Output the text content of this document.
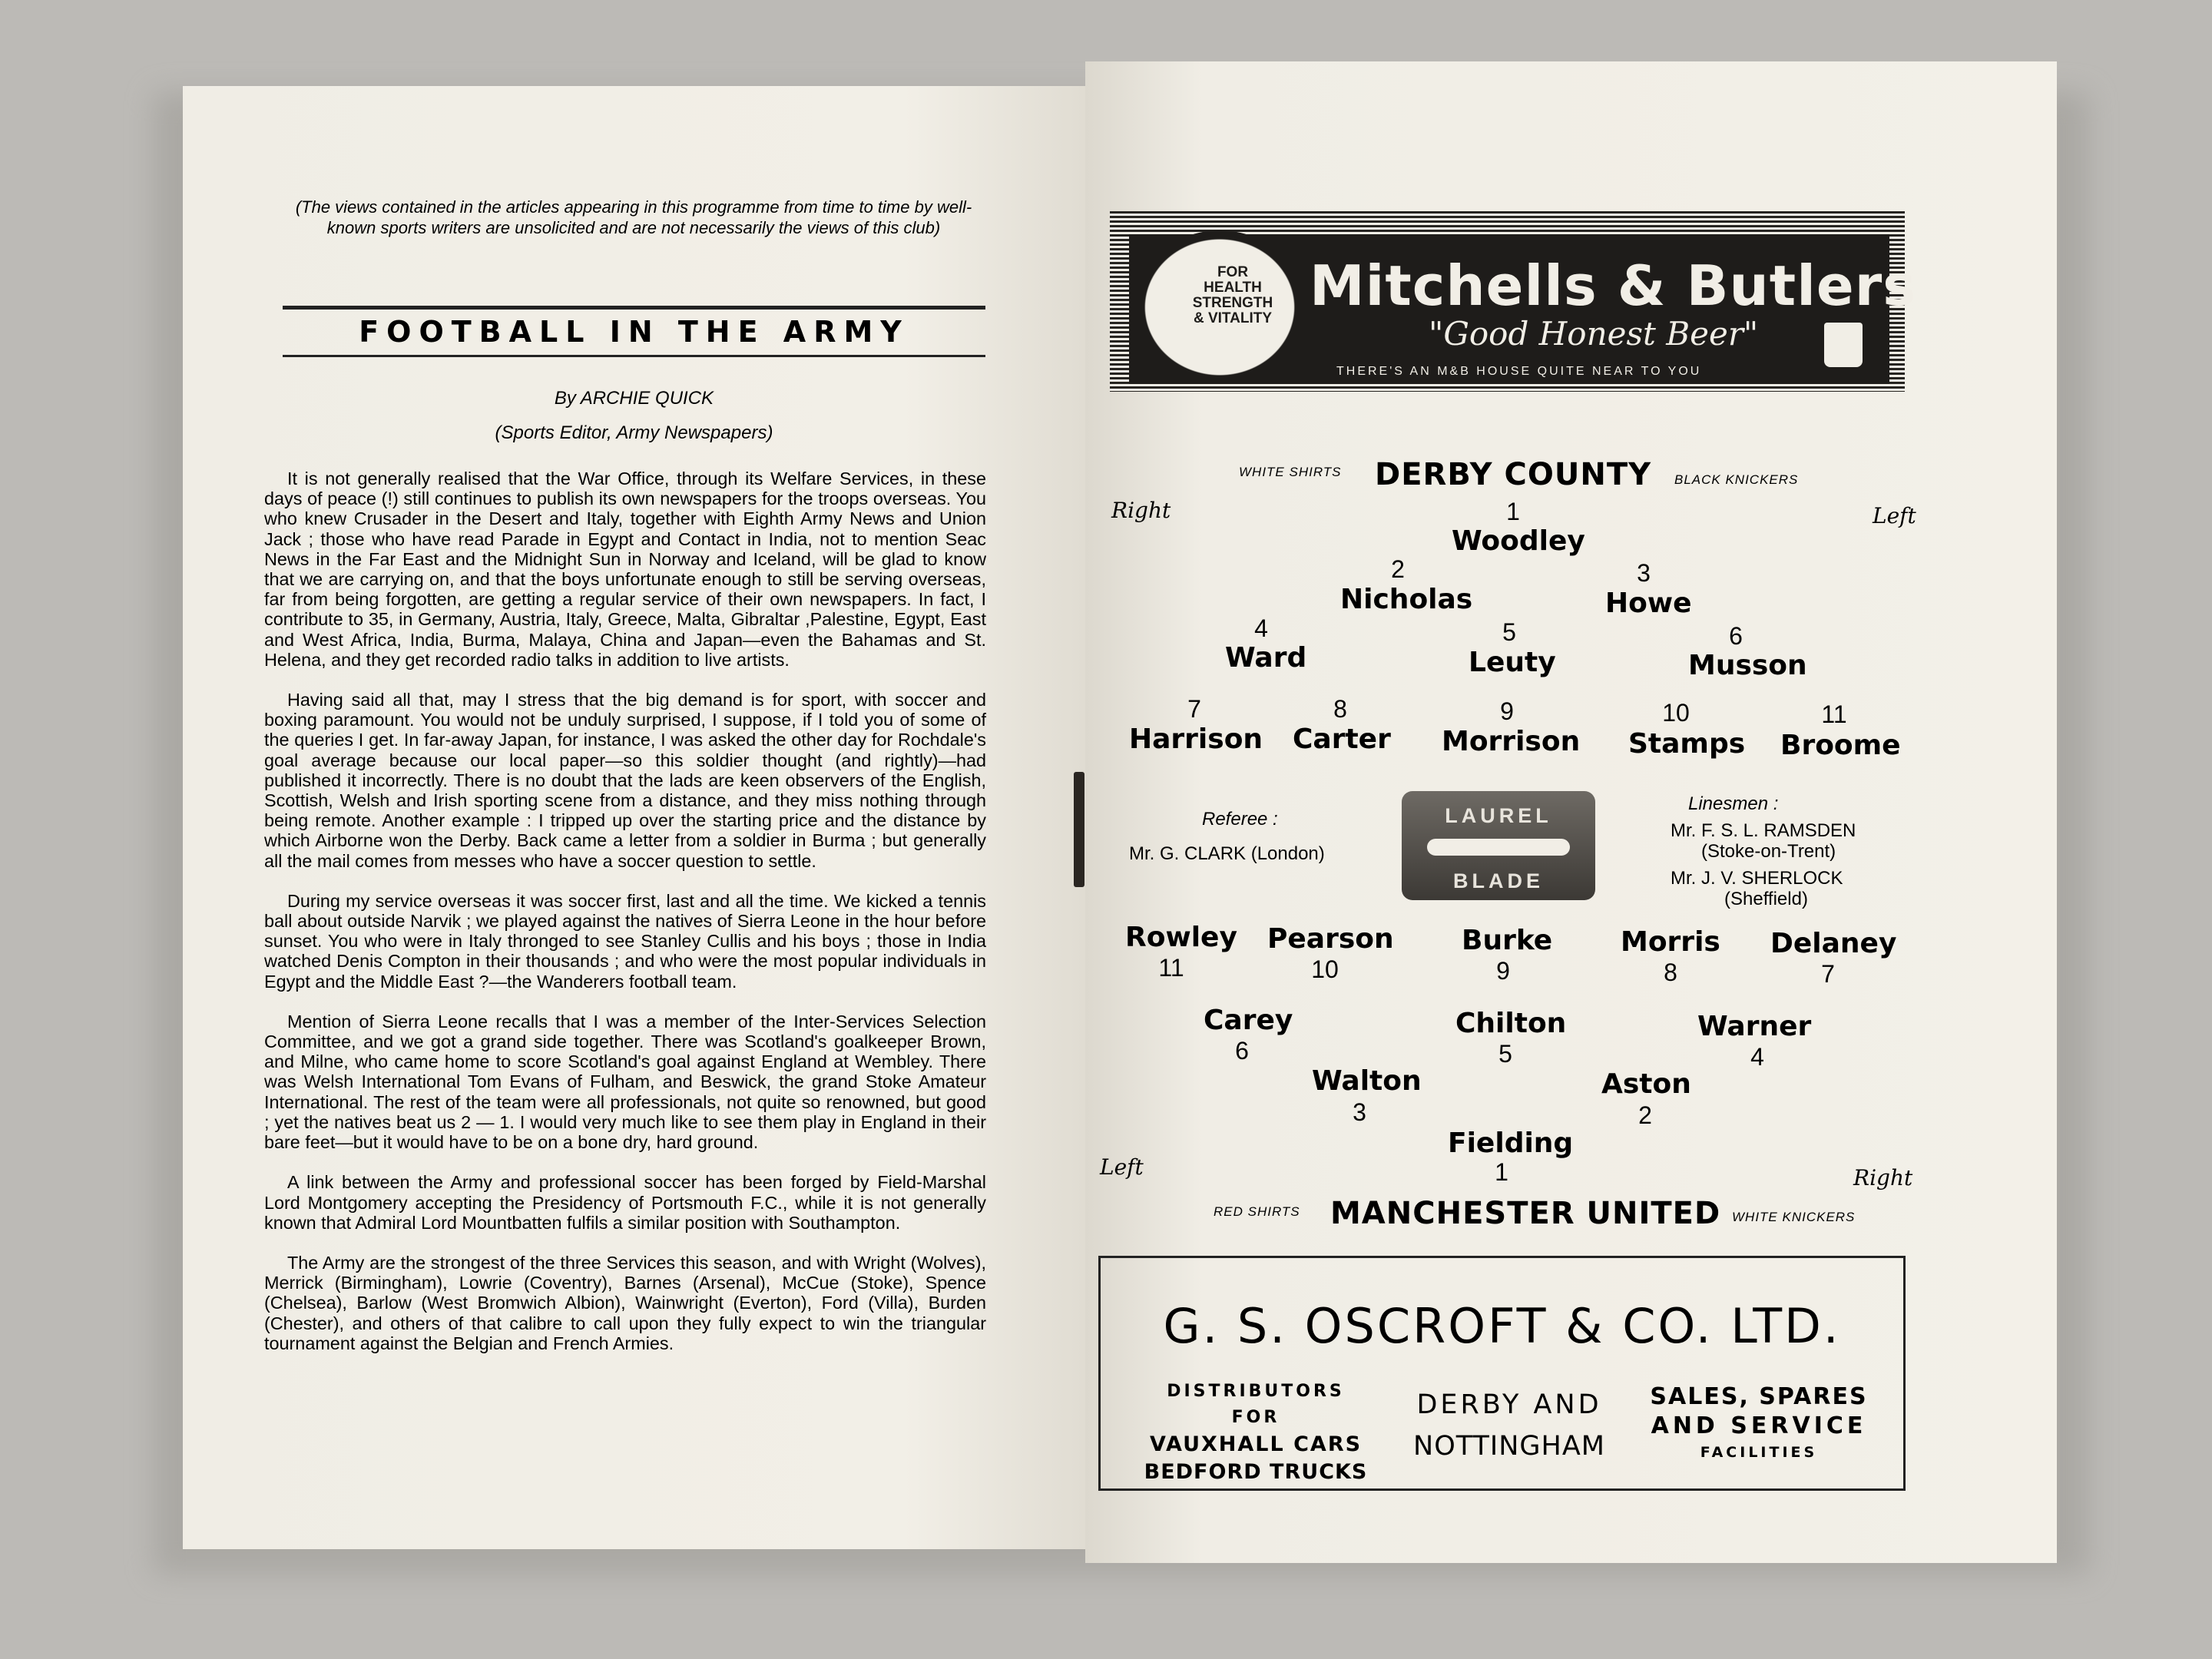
(The views contained in the articles appearing in this programme from time to time by well-known sports writers are unsolicited and are not necessarily the views of this club)
FOOTBALL IN THE ARMY
By ARCHIE QUICK
(Sports Editor, Army Newspapers)

It is not generally realised that the War Office, through its Welfare Services, in these days of peace (!) still continues to publish its own newspapers for the troops overseas. You who knew Crusader in the Desert and Italy, together with Eighth Army News and Union Jack ; those who have read Parade in Egypt and Contact in India, not to mention Seac News in the Far East and the Midnight Sun in Norway and Iceland, will be glad to know that we are carrying on, and that the boys unfortunate enough to still be serving overseas, far from being forgotten, are getting a regular service of their own newspapers. In fact, I contribute to 35, in Germany, Austria, Italy, Greece, Malta, Gibraltar ,Palestine, Egypt, East and West Africa, India, Burma, Malaya, China and Japan—even the Bahamas and St. Helena, and they get recorded radio talks in addition to live artists.

Having said all that, may I stress that the big demand is for sport, with soccer and boxing paramount. You would not be unduly surprised, I suppose, if I told you of some of the queries I get. In far-away Japan, for instance, I was asked the other day for Rochdale's goal average because our local paper—so this soldier thought (and rightly)—had published it incorrectly. There is no doubt that the lads are keen observers of the English, Scottish, Welsh and Irish sporting scene from a distance, and they miss nothing through being remote. Another example : I tripped up over the starting price and the distance by which Airborne won the Derby. Back came a letter from a soldier in Burma ; but generally all the mail comes from messes who have a soccer question to settle.

During my service overseas it was soccer first, last and all the time. We kicked a tennis ball about outside Narvik ; we played against the natives of Sierra Leone in the hour before sunset. You who were in Italy thronged to see Stanley Cullis and his boys ; those in India watched Denis Compton in their thousands ; and who were the most popular individuals in Egypt and the Middle East ?—the Wanderers football team.

Mention of Sierra Leone recalls that I was a member of the Inter-Services Selection Committee, and we got a grand side together. There was Scotland's goalkeeper Brown, and Milne, who came home to score Scotland's goal against England at Wembley. There was Welsh International Tom Evans of Fulham, and Beswick, the grand Stoke Amateur International. The rest of the team were all professionals, not quite so renowned, but good ; yet the natives beat us 2 — 1. I would very much like to see them play in England in their bare feet—but it would have to be on a bone dry, hard ground.

A link between the Army and professional soccer has been forged by Field-Marshal Lord Montgomery accepting the Presidency of Portsmouth F.C., while it is not generally known that Admiral Lord Mountbatten fulfils a similar position with Southampton.

The Army are the strongest of the three Services this season, and with Wright (Wolves), Merrick (Birmingham), Lowrie (Coventry), Barnes (Arsenal), McCue (Stoke), Spence (Chelsea), Barlow (West Bromwich Albion), Wainwright (Everton), Ford (Villa), Burden (Chester), and others of that calibre to call upon they fully expect to win the triangular tournament against the Belgian and French Armies.

FOR
HEALTH
STRENGTH
& VITALITY
Mitchells & Butlers
"Good Honest Beer"
THERE'S AN M&B HOUSE QUITE NEAR TO YOU
WHITE SHIRTS DERBY COUNTY BLACK KNICKERS
Right	Left
1
Woodley
2
Nicholas
3
Howe
4
Ward
5
Leuty
6
Musson
7
Harrison
8
Carter
9
Morrison
10
Stamps
11
Broome
Referee :
Mr. G. CLARK (London)
Linesmen :
Mr. F. S. L. RAMSDEN
(Stoke-on-Trent)
Mr. J. V. SHERLOCK
(Sheffield)
LAUREL
BLADE
Rowley
11
Pearson
10
Burke
9
Morris
8
Delaney
7
Carey
6
Chilton
5
Warner
4
Walton
3
Aston
2
Fielding
1
Left	Right
RED SHIRTS MANCHESTER UNITED WHITE KNICKERS
G. S. OSCROFT & CO. LTD.
DISTRIBUTORS FOR
VAUXHALL CARS
BEDFORD TRUCKS
DERBY AND
NOTTINGHAM
SALES, SPARES
AND SERVICE
FACILITIES
